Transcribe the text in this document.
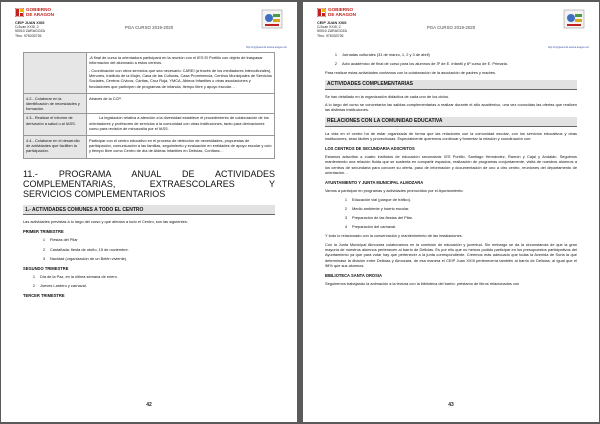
GOBIERNO
DE ARAGON
CEIP JUAN XXIII
C/Juan XXIII, 2
50010 ZARAGOZA
Tfno. 976333726
PGA CURSO 2019-2020
http://cpjzjuanxxiii.educa.aragon.es/

	-A final de curso la orientadora participará en la reunión con el IES El Portillo con objeto de traspasar información del alumnado a estos centros.
- Coordinación con otros servicios que sea necesario: CAREI (a través de los mediadores interculturales), Menores, Instituto de la Mujer, Casa de las Culturas, Casa Prominencia, Centros Municipales de Servicios Sociales, Centros Cívicos, Cáritas, Cruz Roja, YMCA, Abieca Infantiles u otras asociaciones y fundaciones que participen de programas de infancia, tiempo libre y apoyo escolar…

4.2.- Colaborar en la identificación de necesidades y formación.	Atraves de la CCP.

4.3.- Realizar el informe de derivación a salud o al IASS.	La legislación relativa a atención a la diversidad establece el procedimiento de colaboración de los orientadores y profesores de servicios a la comunidad con otras instituciones, tanto para derivaciones como para revisión de minusvalía por el IASS.

4.4.- Colaborar en el desarrollo de actividades que faciliten la participación.	Participar con el centro educativo en el proceso de detección de necesidades, propuestas de participación, comunicación a las familias, seguimiento y evaluación en entidades de apoyo escolar y ocio y tiempo libre como Centro de día de Aldeas Infantiles en Delicias, Confianc…
11.- PROGRAMA ANUAL DE ACTIVIDADES COMPLEMENTARIAS, EXTRAESCOLARES Y
SERVICIOS COMPLEMENTARIOS
1.- ACTIVIDADES COMUNES A TODO EL CENTRO
Las actividades previstas a lo largo del curso y que afectan a todo el Centro, son las siguientes:
PRIMER TRIMESTRE
1	Fiestas del Pilar
2	Castañada: fiesta de otoño, 15 de noviembre.
3	Navidad (organización de un Belén viviente).
SEGUNDO TRIMESTRE
1	Día de la Paz, en la última semana de enero.
2	Jueves Lardero y carnaval.
TERCER TRIMESTRE
42
GOBIERNO
DE ARAGON
CEIP JUAN XXIII
C/Juan XXIII, 2
50010 ZARAGOZA
Tfno. 976333726
PGA CURSO 2019-2020
http://cpjzjuanxxiii.educa.aragon.es/
1	Jornadas culturales (31 de marzo, 1, 2 y 3 de abril)
2	Acto académico de final de curso para los alumnos de 3º de E. Infantil y 6º curso de E. Primaria.
Para realizar estas actividades contamos con la colaboración de la asociación de padres y madres.
ACTIVIDADES COMPLEMENTARIAS
Se han detallado en la organización didáctica de cada uno de los ciclos.
A lo largo del curso se concretarán las salidas complementarias a realizar durante el año académico, una vez conocidas las ofertas que realicen las distintas instituciones.
RELACIONES CON LA COMUNIDAD EDUCATIVA
La vida en el centro ha de estar organizada de forma que las relaciones con la comunidad escolar, con los servicios educativos y otras instituciones, sean fáciles y provechosas. Especialmente queremos continuar y fomentar la relación y coordinación con:
LOS CENTROS DE SECUNDARIA ADSCRITOS
Estamos adscritos a cuatro institutos de educación secundaria: IES Portillo, Santiago Hernández, Ramón y Cajal y Andalán. Seguimos manteniendo una relación fluida que se sustenta en compartir espacios, realización de programas conjuntamente, visita de nuestros alumnos a los centros de secundaria para conocer su oferta, paso de información y documentación de uno a otro centro, reuniones del departamento de orientación…
AYUNTAMIENTO Y JUNTA MUNICIPAL ALMOZARA
Vamos a participar en programas y actividades promovidos por el Ayuntamiento:
1	Educación vial (parque de tráfico).
2	Medio ambiente y huerto escolar.
3	Preparación de las fiestas del Pilar.
4	Preparación del carnaval.
Y todo lo relacionado con la conservación y mantenimiento de las instalaciones.
Con la Junta Municipal Almozara colaboramos en la comisión de educación y juventud. Sin embargo se da la circunstancia de que la gran mayoría de nuestros alumnos pertenecen al barrio de Delicias. Es por ello que no hemos podido participar en los presupuestos participativos del Ayuntamiento ya que para votar hay que pertenecer a la junta correspondiente. Creemos más adecuado que todas la Avenida de Soria la que determinase la división entre Delicias y Almozara, de esa manera el CEIP Juan XXIII pertenecería también al barrio de Delicias, al igual que el 98% que sus alumnos.
BIBLIOTECA SANTA OROSIA
Seguiremos trabajando la animación a la lectura con la biblioteca del barrio: préstamo de libros relacionados con
43
